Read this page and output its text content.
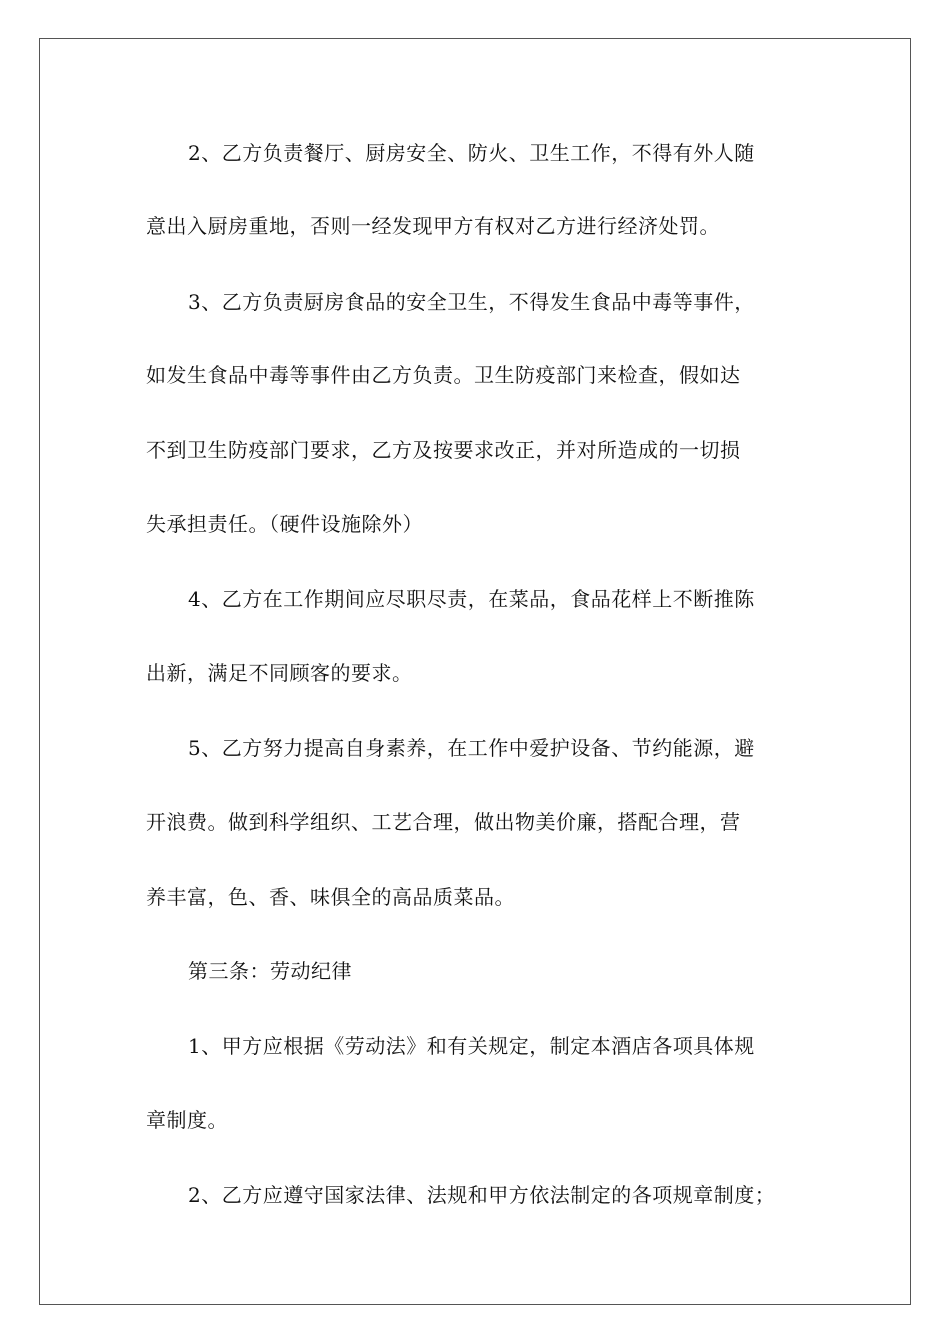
2、乙方负责餐厅、厨房安全、防火、卫生工作，不得有外人随
意出入厨房重地，否则一经发现甲方有权对乙方进行经济处罚。
3、乙方负责厨房食品的安全卫生，不得发生食品中毒等事件，
如发生食品中毒等事件由乙方负责。卫生防疫部门来检查，假如达
不到卫生防疫部门要求，乙方及按要求改正，并对所造成的一切损
失承担责任。（硬件设施除外）
4、乙方在工作期间应尽职尽责，在菜品，食品花样上不断推陈
出新，满足不同顾客的要求。
5、乙方努力提高自身素养，在工作中爱护设备、节约能源，避
开浪费。做到科学组织、工艺合理，做出物美价廉，搭配合理，营
养丰富，色、香、味俱全的高品质菜品。
第三条：劳动纪律
1、甲方应根据《劳动法》和有关规定，制定本酒店各项具体规
章制度。
2、乙方应遵守国家法律、法规和甲方依法制定的各项规章制度；
